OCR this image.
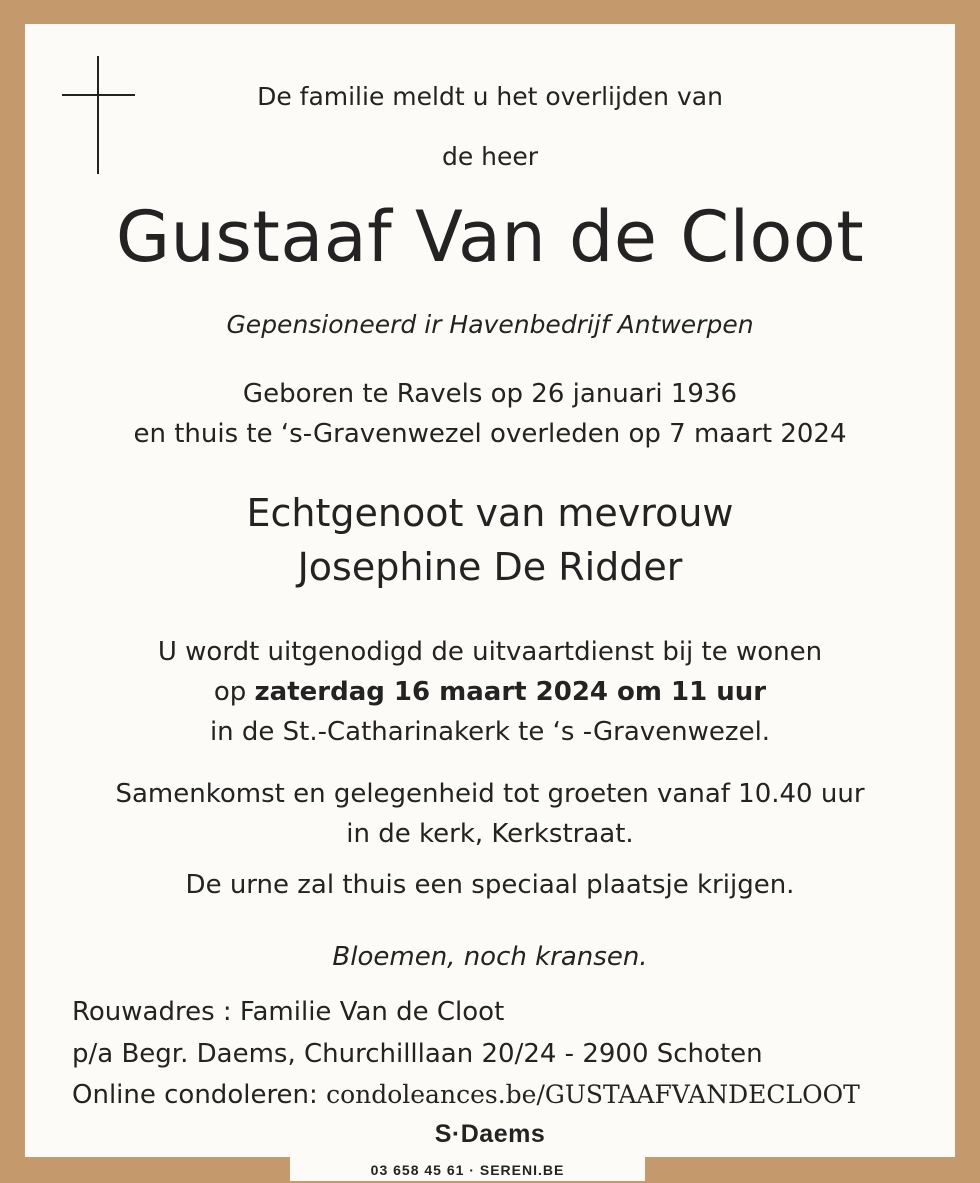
De familie meldt u het overlijden van
de heer
Gustaaf Van de Cloot
Gepensioneerd ir Havenbedrijf Antwerpen
Geboren te Ravels op 26 januari 1936
en thuis te ‘s-Gravenwezel overleden op 7 maart 2024
Echtgenoot van mevrouw
Josephine De Ridder
U wordt uitgenodigd de uitvaartdienst bij te wonen
op zaterdag 16 maart 2024 om 11 uur
in de St.-Catharinakerk te ‘s -Gravenwezel.
Samenkomst en gelegenheid tot groeten vanaf 10.40 uur
in de kerk, Kerkstraat.
De urne zal thuis een speciaal plaatsje krijgen.
Bloemen, noch kransen.
Rouwadres : Familie Van de Cloot
p/a Begr. Daems, Churchilllaan 20/24 - 2900 Schoten
Online condoleren: condoleances.be/GUSTAAFVANDECLOOT
S·Daems
03 658 45 61 · SERENI.BE
